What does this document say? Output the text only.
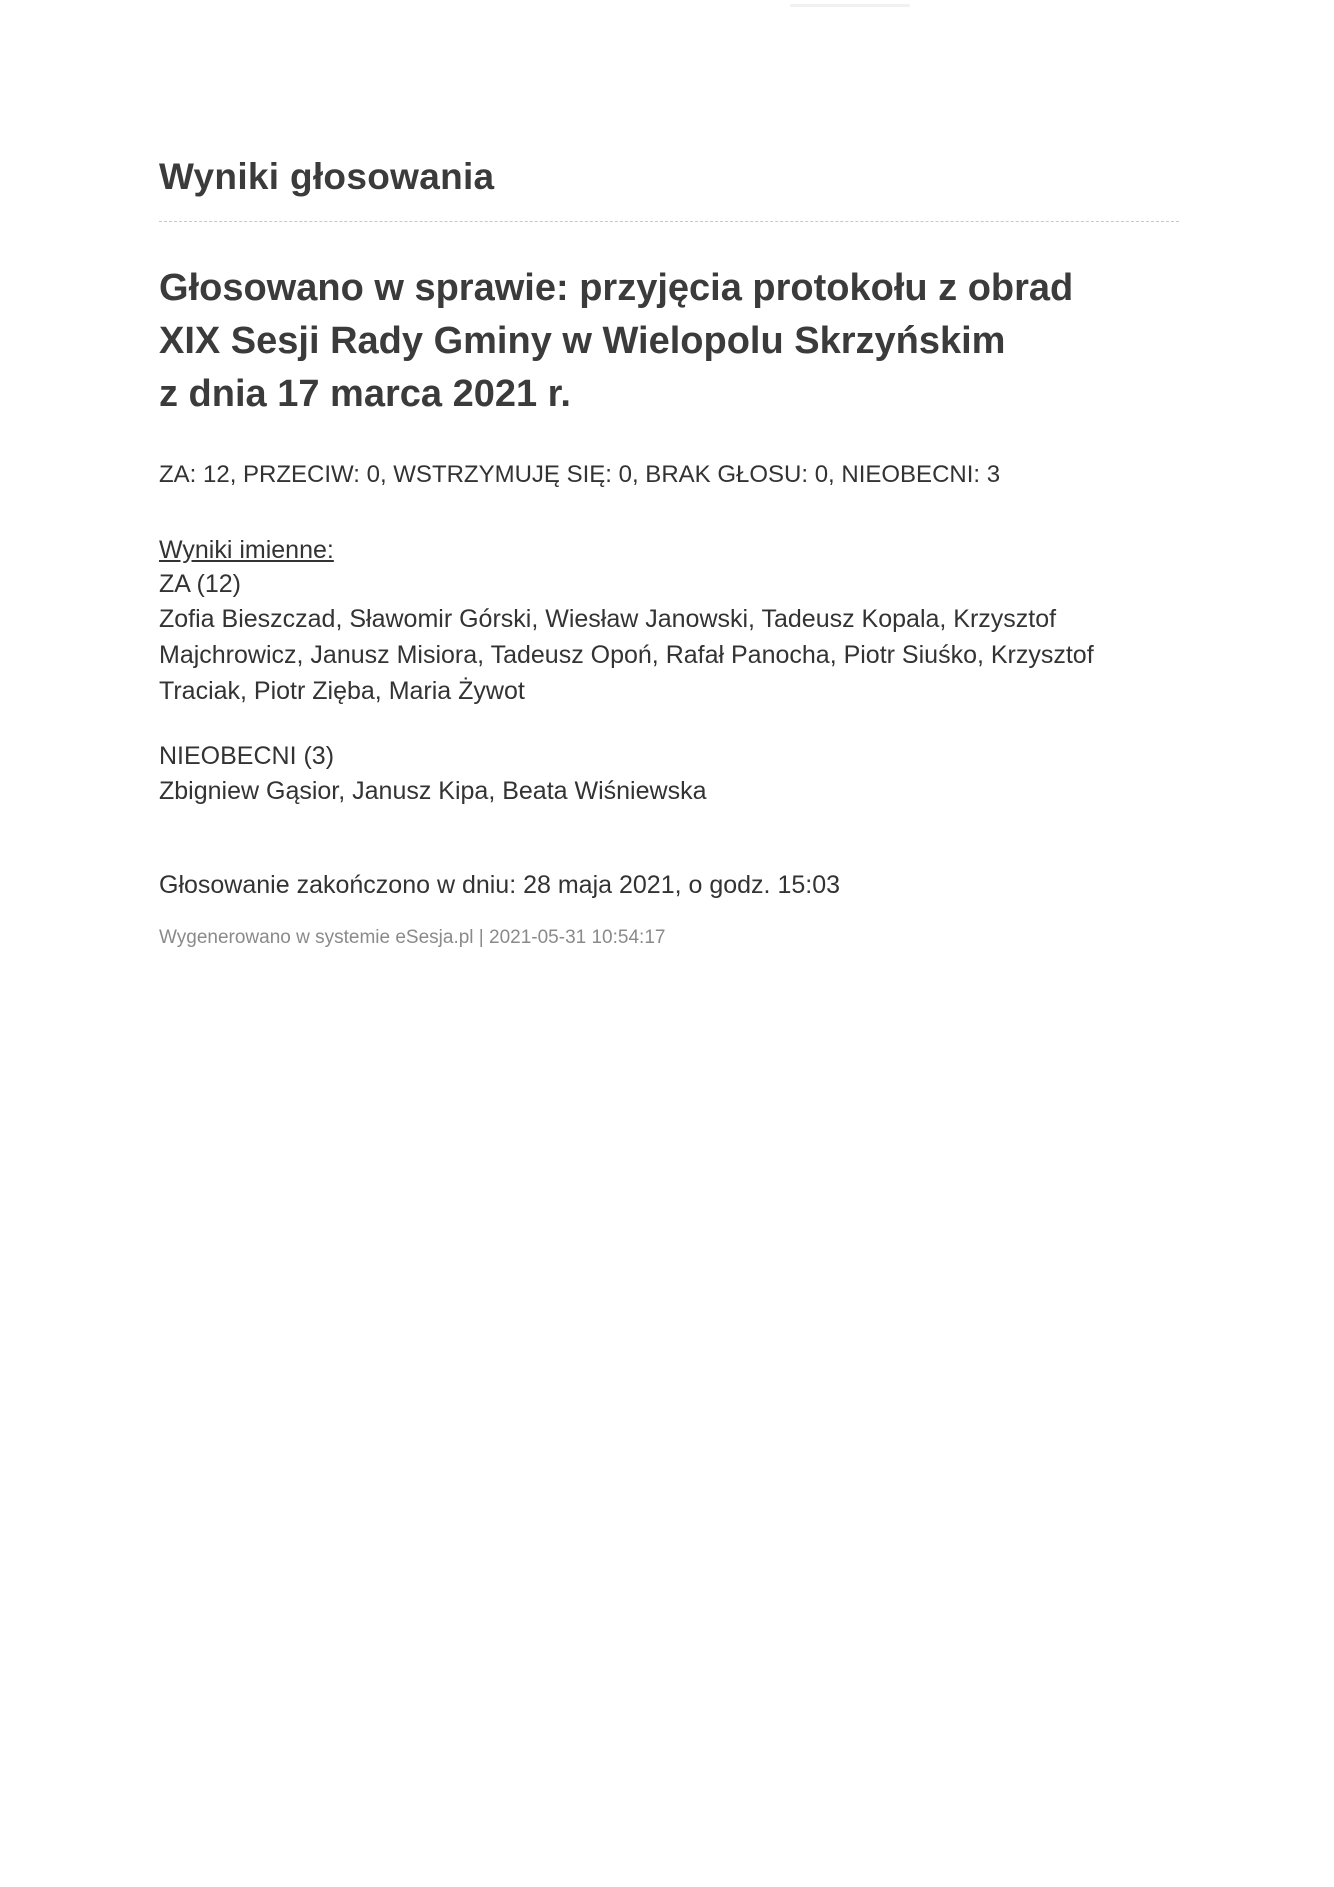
Wyniki głosowania
Głosowano w sprawie: przyjęcia protokołu z obrad
XIX Sesji Rady Gminy w Wielopolu Skrzyńskim
z dnia 17 marca 2021 r.
ZA: 12, PRZECIW: 0, WSTRZYMUJĘ SIĘ: 0, BRAK GŁOSU: 0, NIEOBECNI: 3
Wyniki imienne:
ZA (12)
Zofia Bieszczad, Sławomir Górski, Wiesław Janowski, Tadeusz Kopala, Krzysztof Majchrowicz, Janusz Misiora, Tadeusz Opoń, Rafał Panocha, Piotr Siuśko, Krzysztof Traciak, Piotr Zięba, Maria Żywot
NIEOBECNI (3)
Zbigniew Gąsior, Janusz Kipa, Beata Wiśniewska
Głosowanie zakończono w dniu: 28 maja 2021, o godz. 15:03
Wygenerowano w systemie eSesja.pl | 2021-05-31 10:54:17
